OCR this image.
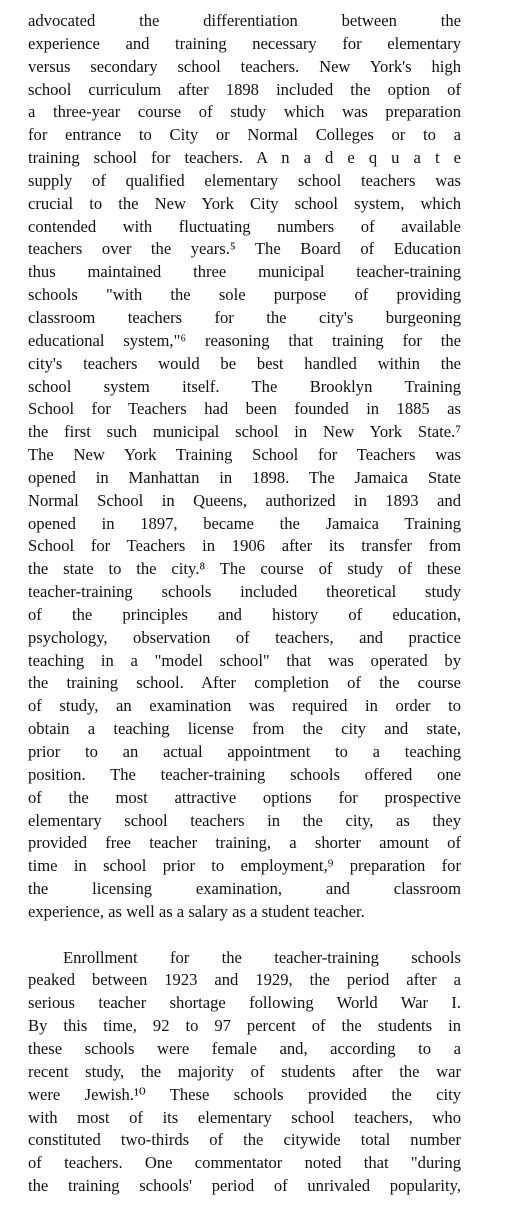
advocated the differentiation between the
experience and training necessary for elementary
versus secondary school teachers. New York's high
school curriculum after 1898 included the option of
a three-year course of study which was preparation
for entrance to City or Normal Colleges or to a
training school for teachers. A n a d e q u a t e
supply of qualified elementary school teachers was
crucial to the New York City school system, which
contended with fluctuating numbers of available
teachers over the years.⁵ The Board of Education
thus maintained three municipal teacher-training
schools "with the sole purpose of providing
classroom teachers for the city's burgeoning
educational system,"⁶ reasoning that training for the
city's teachers would be best handled within the
school system itself. The Brooklyn Training
School for Teachers had been founded in 1885 as
the first such municipal school in New York State.⁷
The New York Training School for Teachers was
opened in Manhattan in 1898. The Jamaica State
Normal School in Queens, authorized in 1893 and
opened in 1897, became the Jamaica Training
School for Teachers in 1906 after its transfer from
the state to the city.⁸ The course of study of these
teacher-training schools included theoretical study
of the principles and history of education,
psychology, observation of teachers, and practice
teaching in a "model school" that was operated by
the training school. After completion of the course
of study, an examination was required in order to
obtain a teaching license from the city and state,
prior to an actual appointment to a teaching
position. The teacher-training schools offered one
of the most attractive options for prospective
elementary school teachers in the city, as they
provided free teacher training, a shorter amount of
time in school prior to employment,⁹ preparation for
the licensing examination, and classroom
experience, as well as a salary as a student teacher.
Enrollment for the teacher-training schools
peaked between 1923 and 1929, the period after a
serious teacher shortage following World War I.
By this time, 92 to 97 percent of the students in
these schools were female and, according to a
recent study, the majority of students after the war
were Jewish.¹⁰ These schools provided the city
with most of its elementary school teachers, who
constituted two-thirds of the citywide total number
of teachers. One commentator noted that "during
the training schools' period of unrivaled popularity,
